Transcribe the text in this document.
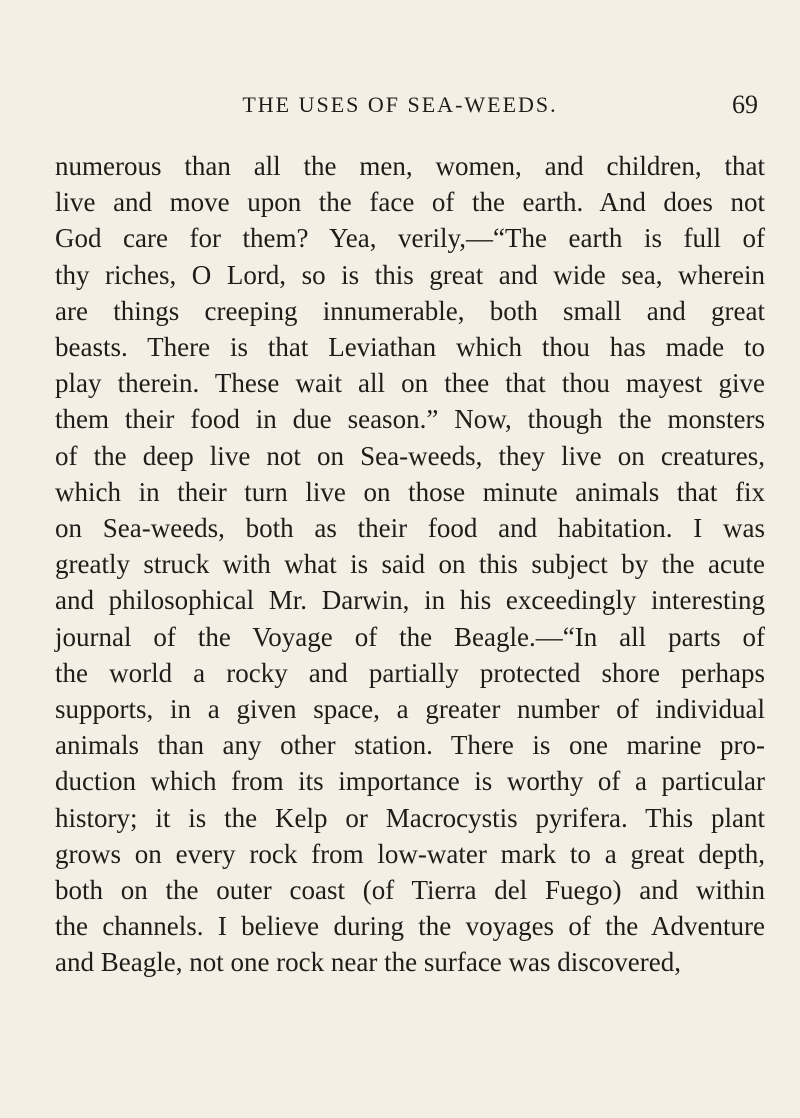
THE USES OF SEA-WEEDS.	69
numerous than all the men, women, and children, that
live and move upon the face of the earth. And does not
God care for them? Yea, verily,—“The earth is full of
thy riches, O Lord, so is this great and wide sea, wherein
are things creeping innumerable, both small and great
beasts. There is that Leviathan which thou has made to
play therein. These wait all on thee that thou mayest give
them their food in due season.” Now, though the monsters
of the deep live not on Sea-weeds, they live on creatures,
which in their turn live on those minute animals that fix
on Sea-weeds, both as their food and habitation. I was
greatly struck with what is said on this subject by the acute
and philosophical Mr. Darwin, in his exceedingly interesting
journal of the Voyage of the Beagle.—“In all parts of
the world a rocky and partially protected shore perhaps
supports, in a given space, a greater number of individual
animals than any other station. There is one marine pro-
duction which from its importance is worthy of a particular
history; it is the Kelp or Macrocystis pyrifera. This plant
grows on every rock from low-water mark to a great depth,
both on the outer coast (of Tierra del Fuego) and within
the channels. I believe during the voyages of the Adventure
and Beagle, not one rock near the surface was discovered,
